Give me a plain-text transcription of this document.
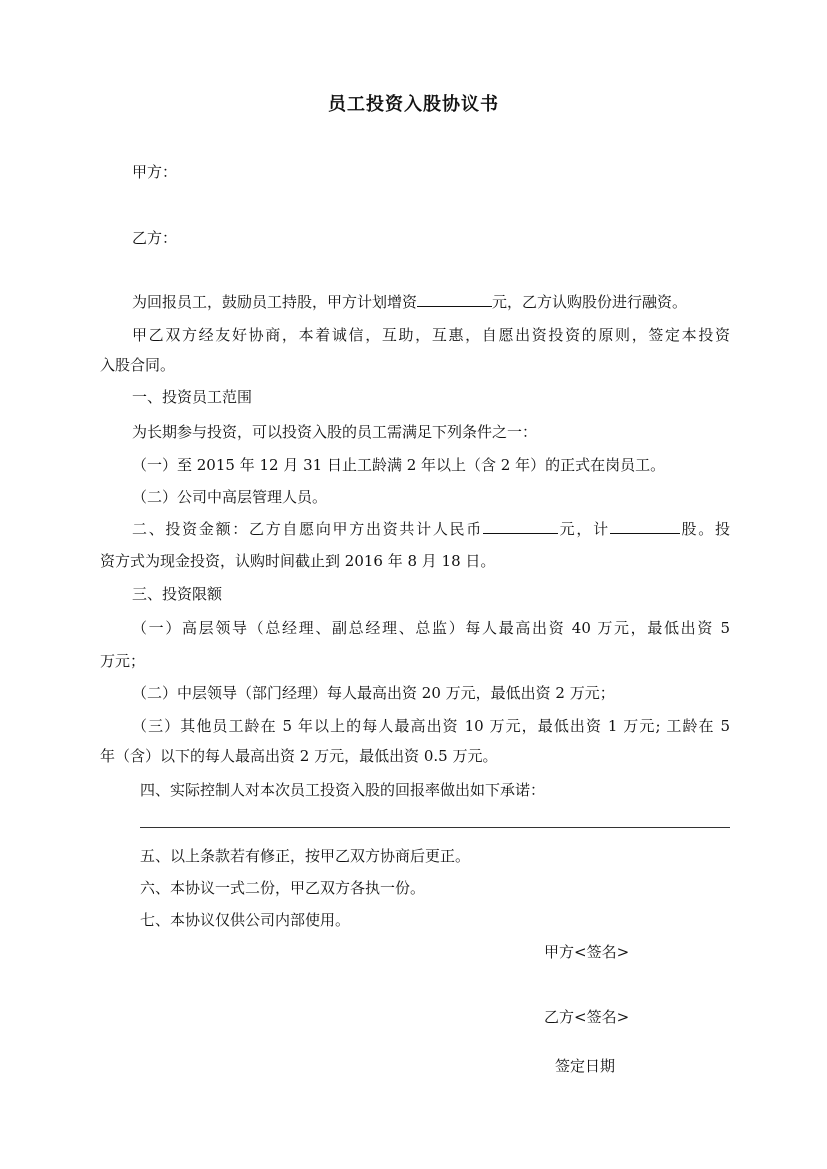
员工投资入股协议书

甲方：

乙方：

为回报员工，鼓励员工持股，甲方计划增资	元，乙方认购股份进行融资。

甲乙双方经友好协商，本着诚信，互助，互惠，自愿出资投资的原则，签定本投资

入股合同。

一、投资员工范围

为长期参与投资，可以投资入股的员工需满足下列条件之一：

（一）至 2015 年 12 月 31 日止工龄满 2 年以上（含 2 年）的正式在岗员工。

（二）公司中高层管理人员。

二、投资金额：乙方自愿向甲方出资共计人民币	元，计	股。投

资方式为现金投资，认购时间截止到 2016 年 8 月 18 日。

三、投资限额

（一）高层领导（总经理、副总经理、总监）每人最高出资 40 万元，最低出资 5

万元；

（二）中层领导（部门经理）每人最高出资 20 万元，最低出资 2 万元；

（三）其他员工龄在 5 年以上的每人最高出资 10 万元，最低出资 1 万元; 工龄在 5

年（含）以下的每人最高出资 2 万元，最低出资 0.5 万元。

四、实际控制人对本次员工投资入股的回报率做出如下承诺：

五、以上条款若有修正，按甲乙双方协商后更正。

六、本协议一式二份，甲乙双方各执一份。

七、本协议仅供公司内部使用。

甲方<签名>

乙方<签名>

签定日期
